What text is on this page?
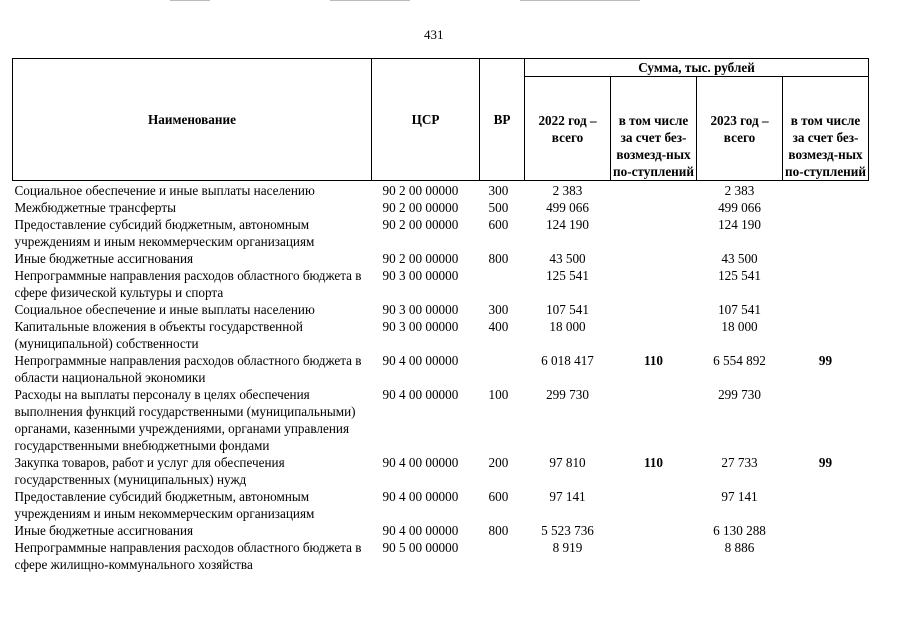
431
Наименование	ЦСР	ВР	Сумма, тыс. рублей			
			2022 год – всего	в том числе за счет без-возмезд-ных по-ступлений	2023 год – всего	в том числе за счет без-возмезд-ных по-ступлений
Социальное обеспечение и иные выплаты населению	90 2 00 00000	300	2 383		2 383	
Межбюджетные трансферты	90 2 00 00000	500	499 066		499 066	
Предоставление субсидий бюджетным, автономным учреждениям и иным некоммерческим организациям	90 2 00 00000	600	124 190		124 190	
Иные бюджетные ассигнования	90 2 00 00000	800	43 500		43 500	
Непрограммные направления расходов областного бюджета в сфере физической культуры и спорта	90 3 00 00000		125 541		125 541	
Социальное обеспечение и иные выплаты населению	90 3 00 00000	300	107 541		107 541	
Капитальные вложения в объекты государственной (муниципальной) собственности	90 3 00 00000	400	18 000		18 000	
Непрограммные направления расходов областного бюджета в области национальной экономики	90 4 00 00000		6 018 417	110	6 554 892	99
Расходы на выплаты персоналу в целях обеспечения выполнения функций государственными (муниципальными) органами, казенными учреждениями, органами управления государственными внебюджетными фондами	90 4 00 00000	100	299 730		299 730	
Закупка товаров, работ и услуг для обеспечения государственных (муниципальных) нужд	90 4 00 00000	200	97 810	110	27 733	99
Предоставление субсидий бюджетным, автономным учреждениям и иным некоммерческим организациям	90 4 00 00000	600	97 141		97 141	
Иные бюджетные ассигнования	90 4 00 00000	800	5 523 736		6 130 288	
Непрограммные направления расходов областного бюджета в сфере жилищно-коммунального хозяйства	90 5 00 00000		8 919		8 886	
